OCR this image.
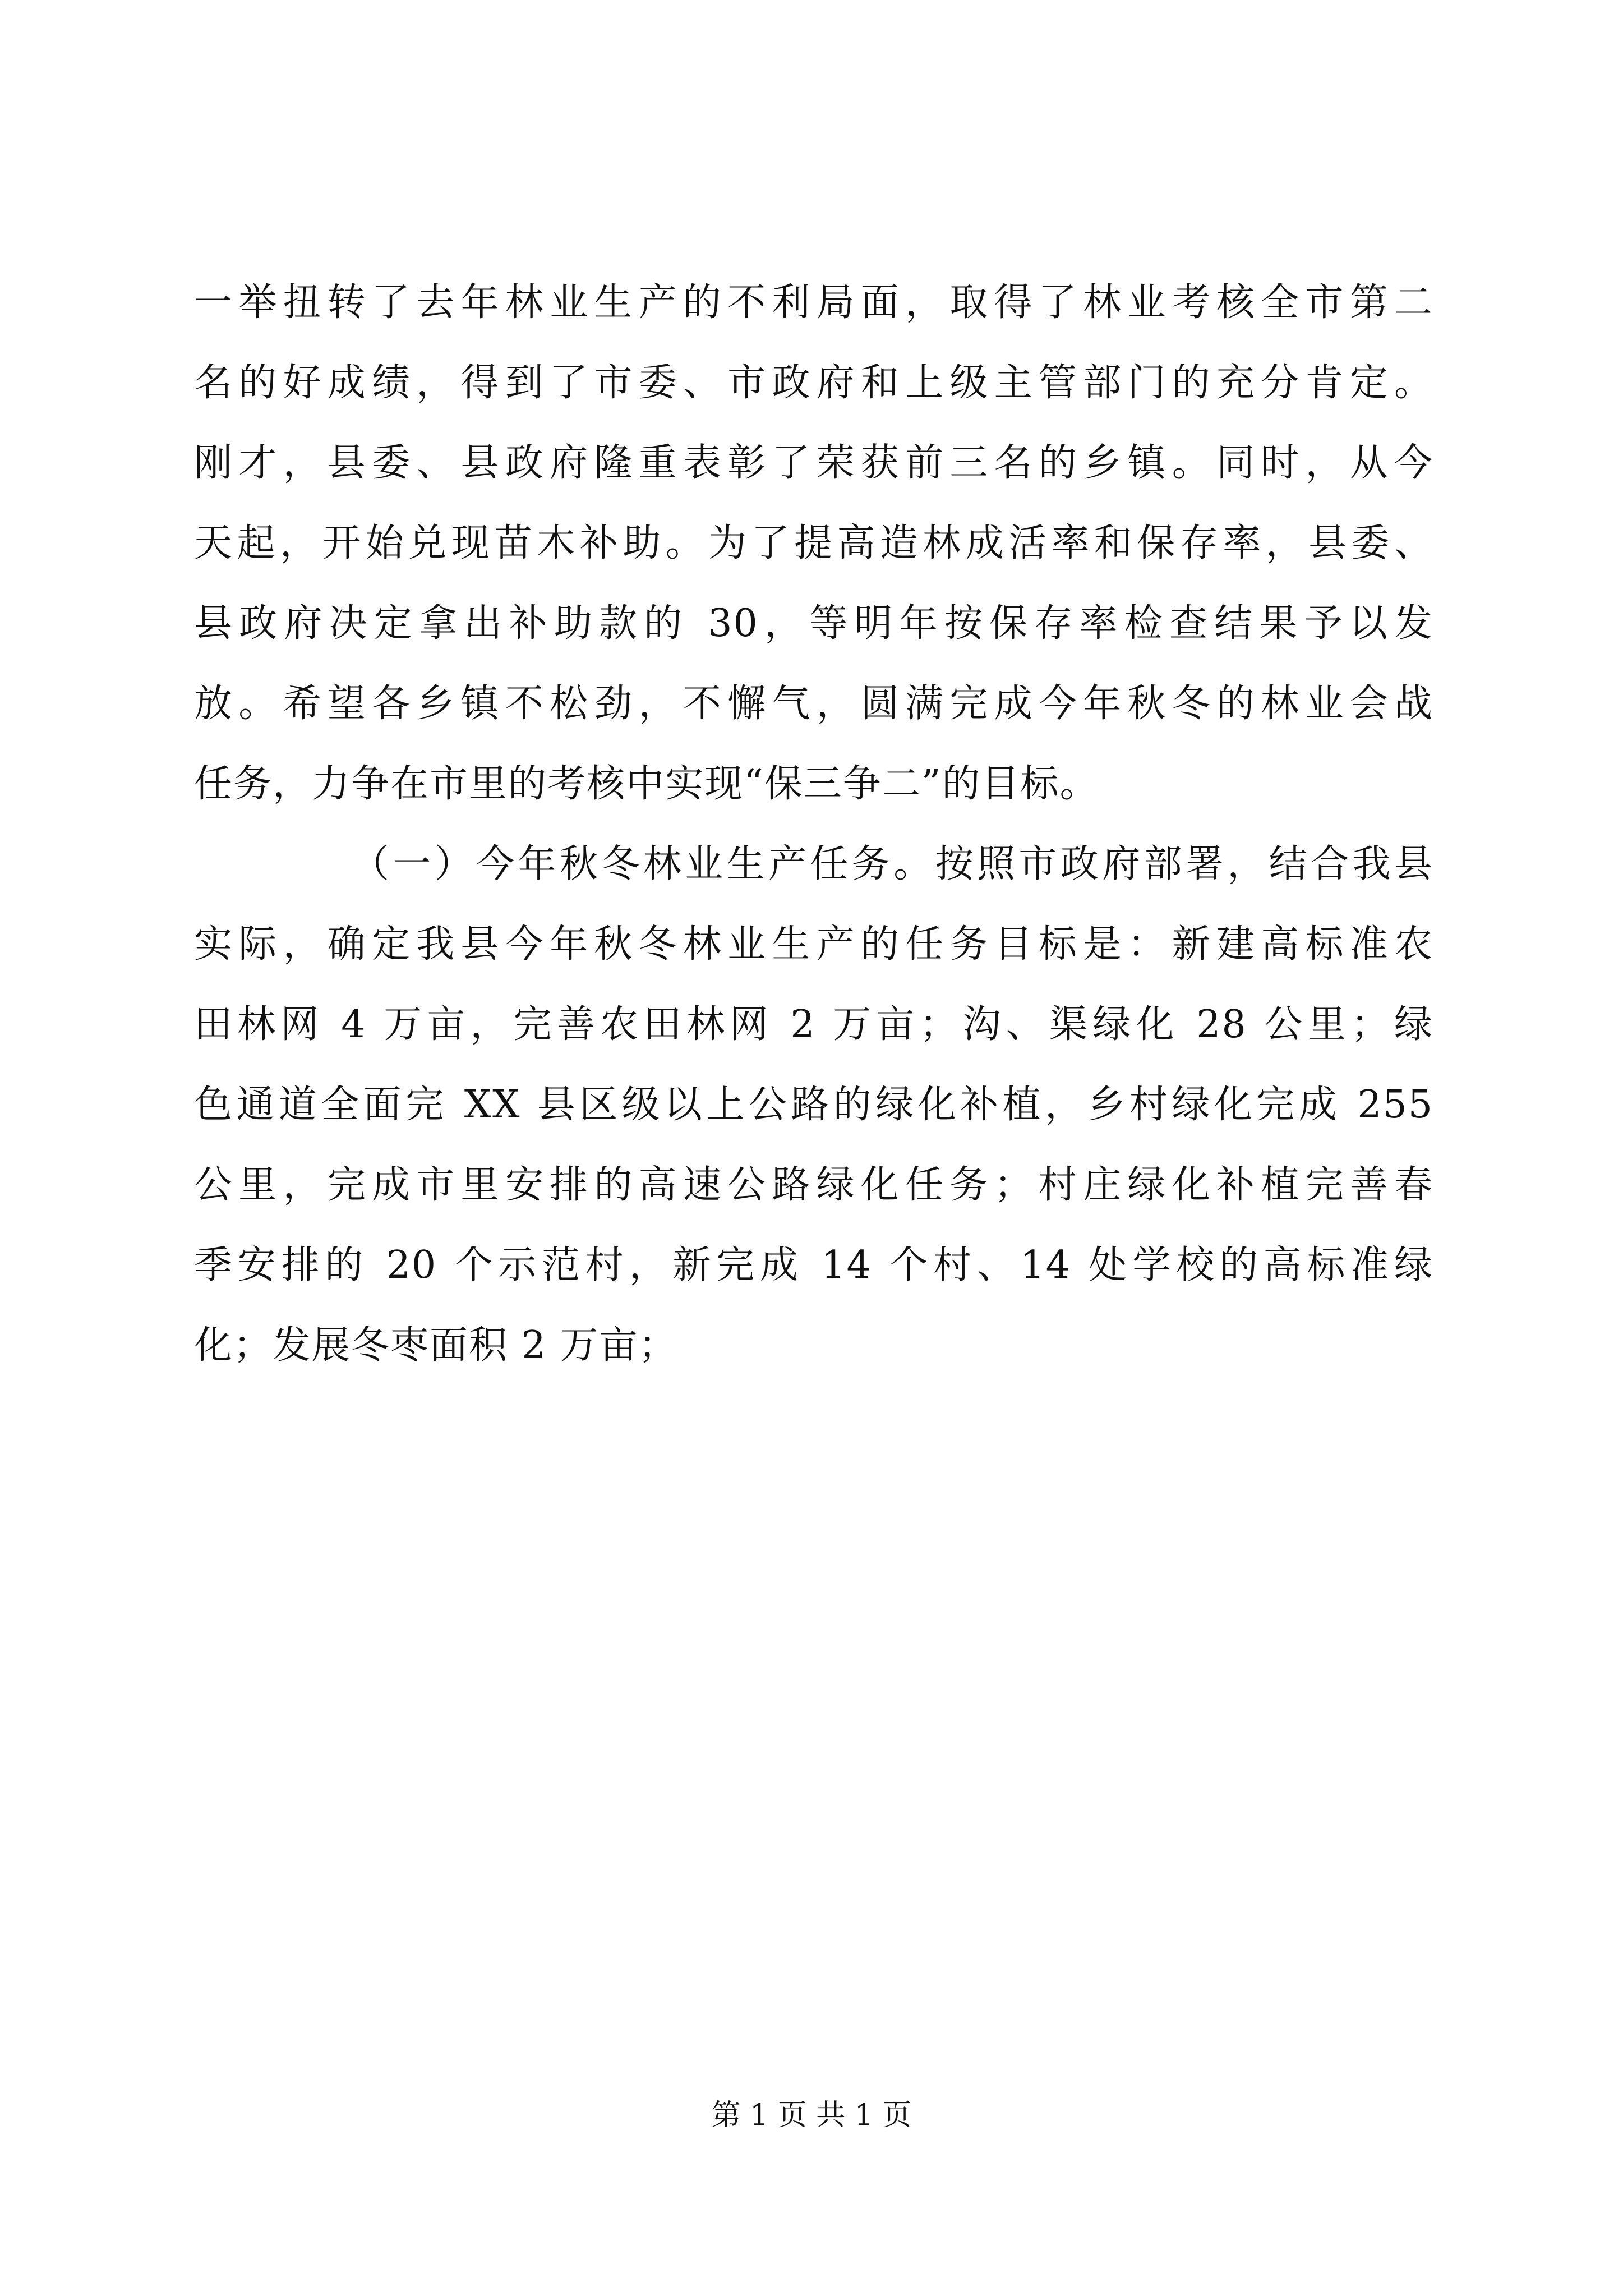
一举扭转了去年林业生产的不利局面，取得了林业考核全市第二
名的好成绩，得到了市委、市政府和上级主管部门的充分肯定。
刚才，县委、县政府隆重表彰了荣获前三名的乡镇。同时，从今
天起，开始兑现苗木补助。为了提高造林成活率和保存率，县委、
县政府决定拿出补助款的 30，等明年按保存率检查结果予以发
放。希望各乡镇不松劲，不懈气，圆满完成今年秋冬的林业会战
任务，力争在市里的考核中实现“保三争二”的目标。
（一）今年秋冬林业生产任务。按照市政府部署，结合我县
实际，确定我县今年秋冬林业生产的任务目标是：新建高标准农
田林网 4 万亩，完善农田林网 2 万亩；沟、渠绿化 28 公里；绿
色通道全面完 XX 县区级以上公路的绿化补植，乡村绿化完成 255
公里，完成市里安排的高速公路绿化任务；村庄绿化补植完善春
季安排的 20 个示范村，新完成 14 个村、14 处学校的高标准绿
化；发展冬枣面积 2 万亩；
第 1 页 共 1 页
